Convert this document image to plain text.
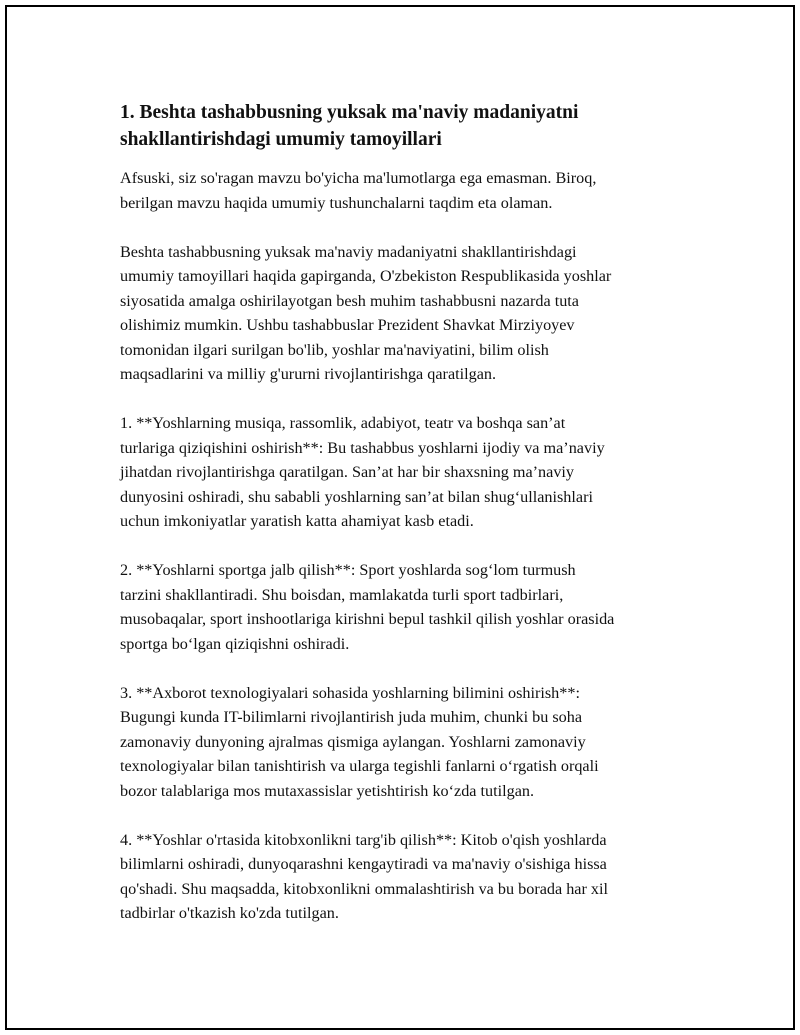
1. Beshta tashabbusning yuksak ma'naviy madaniyatni
shakllantirishdagi umumiy tamoyillari

Afsuski, siz so'ragan mavzu bo'yicha ma'lumotlarga ega emasman. Biroq,
berilgan mavzu haqida umumiy tushunchalarni taqdim eta olaman.

Beshta tashabbusning yuksak ma'naviy madaniyatni shakllantirishdagi
umumiy tamoyillari haqida gapirganda, O'zbekiston Respublikasida yoshlar
siyosatida amalga oshirilayotgan besh muhim tashabbusni nazarda tuta
olishimiz mumkin. Ushbu tashabbuslar Prezident Shavkat Mirziyoyev
tomonidan ilgari surilgan bo'lib, yoshlar ma'naviyatini, bilim olish
maqsadlarini va milliy g'ururni rivojlantirishga qaratilgan.

1. **Yoshlarning musiqa, rassomlik, adabiyot, teatr va boshqa san’at
turlariga qiziqishini oshirish**: Bu tashabbus yoshlarni ijodiy va ma’naviy
jihatdan rivojlantirishga qaratilgan. San’at har bir shaxsning ma’naviy
dunyosini oshiradi, shu sababli yoshlarning san’at bilan shug‘ullanishlari
uchun imkoniyatlar yaratish katta ahamiyat kasb etadi.

2. **Yoshlarni sportga jalb qilish**: Sport yoshlarda sog‘lom turmush
tarzini shakllantiradi. Shu boisdan, mamlakatda turli sport tadbirlari,
musobaqalar, sport inshootlariga kirishni bepul tashkil qilish yoshlar orasida
sportga bo‘lgan qiziqishni oshiradi.

3. **Axborot texnologiyalari sohasida yoshlarning bilimini oshirish**:
Bugungi kunda IT-bilimlarni rivojlantirish juda muhim, chunki bu soha
zamonaviy dunyoning ajralmas qismiga aylangan. Yoshlarni zamonaviy
texnologiyalar bilan tanishtirish va ularga tegishli fanlarni o‘rgatish orqali
bozor talablariga mos mutaxassislar yetishtirish ko‘zda tutilgan.

4. **Yoshlar o'rtasida kitobxonlikni targ'ib qilish**: Kitob o'qish yoshlarda
bilimlarni oshiradi, dunyoqarashni kengaytiradi va ma'naviy o'sishiga hissa
qo'shadi. Shu maqsadda, kitobxonlikni ommalashtirish va bu borada har xil
tadbirlar o'tkazish ko'zda tutilgan.
